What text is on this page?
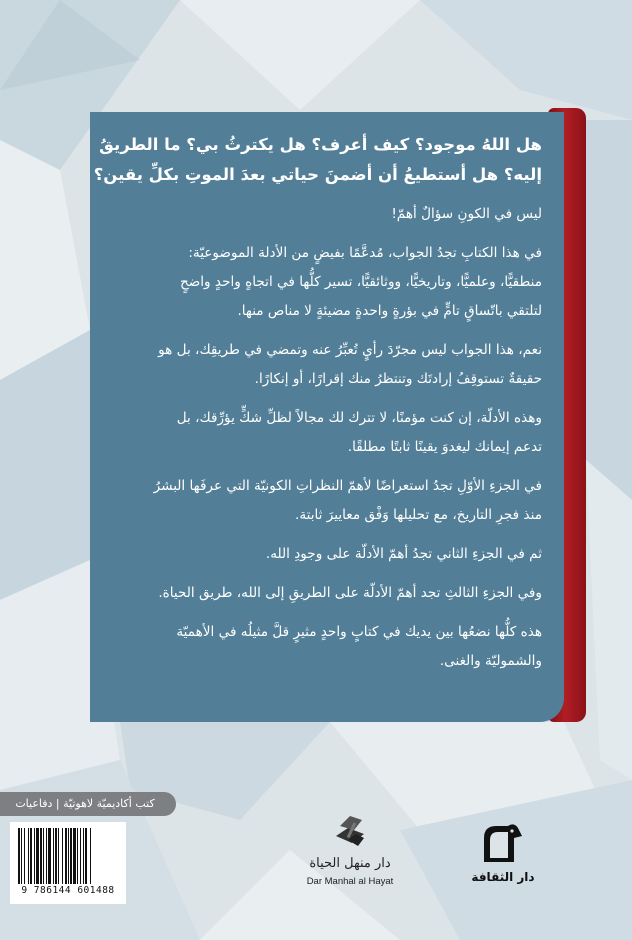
هل اللهُ موجود؟ كيف أعرف؟ هل يكترثُ بي؟ ما الطريقُ
إليه؟ هل أستطيعُ أن أضمنَ حياتي بعدَ الموتِ بكلِّ يقين؟
ليس في الكونِ سؤالٌ أهمّ!
في هذا الكتابِ تجدُ الجواب، مُدعَّمًا بفيضٍ من الأدلة الموضوعيّة:
منطقيًّا، وعلميًّا، وتاريخيًّا، ووثائقيًّا، تسير كلُّها في اتجاهٍ واحدٍ واضحٍ
لتلتقي باتّساقٍ تامٍّ في بؤرةٍ واحدةٍ مضيئةٍ لا مناص منها.
نعم، هذا الجواب ليس مجرّدَ رأيٍ تُعبِّرُ عنه وتمضي في طريقِك، بل هو
حقيقةٌ تستوقِفُ إرادتَك وتنتظرُ منك إقرارًا، أو إنكارًا.
وهذه الأدلّة، إن كنت مؤمنًا، لا تترك لك مجالاً لظلِّ شكٍّ يؤرِّقك، بل
تدعم إيمانك ليغدوَ يقينًا ثابتًا مطلقًا.
في الجزءِ الأوّلِ تجدُ استعراضًا لأهمّ النظراتِ الكونيّة التي عرفَها البشرُ
منذ فجرِ التاريخ، مع تحليلها وَفْق معاييرَ ثابتة.
ثم في الجزءِ الثاني تجدُ أهمّ الأدلّة على وجودِ الله.
وفي الجزءِ الثالثِ تجد أهمّ الأدلّة على الطريقِ إلى الله، طريق الحياة.
هذه كلُّها نضعُها بين يديك في كتابٍ واحدٍ مثيرٍ قلَّ مثيلُه في الأهميّة
والشموليّة والغنى.
كتب أكاديميّة لاهوتيّة | دفاعيات
9 786144 601488
دار منهل الحياة
Dar Manhal al Hayat	دار الثقافة
